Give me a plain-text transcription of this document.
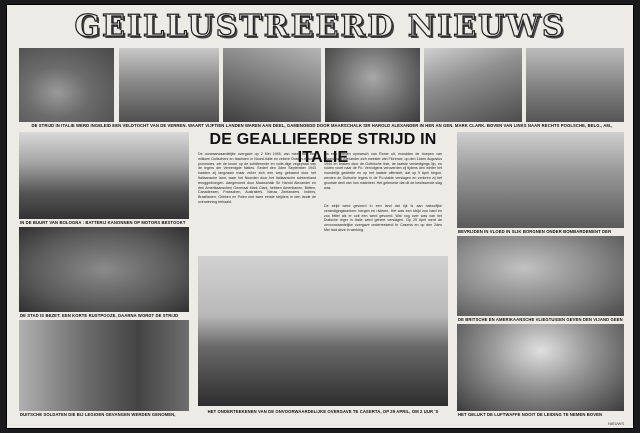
GEILLUSTREERD NIEUWS
DE STRIJD IN ITALIE WERD INGELEID EEN VELDTOCHT VAN DE VERREN. WAART VIJFTIEN LANDEN WAREN AAN DEEL, GAMENOEDD DOOR MAARSCHALK SIR HAROLD ALEXANDER IN HEN AN GEN. MARK CLARK. BOVEN VAN LINKS NAAR RECHTS POOLSCHE, BELG., AM.,
DE GEALLIEERDE STRIJD IN ITALIE
IN DE BUURT VAN BOLOGNA : BATTERIJ KANONNEN OP MOTORS BESTOOKT
DE STAD IS BEZET: EEN KORTE RUSTPOOZE, DAARNA WORDT DE STRIJD
DUITSCHE SOLDATEN DIE BIJ LEGIOEN GEVANGEN WERDEN GENOMEN,
De oorwaarwaardelijke overgave op 2 Mei 1945, van meer dan een millioen Duitschers en fascisten in Noord-Italie en zekere Oosten-rijksche provincies, zet de kroon op de schitterende en volle-dige zegepraal van de legers der Vereenigde Naties. Sedert den 3den September 1943 hadden zij langzaam maar zeker zich een weg gebaand door het Italiaansche land, waar het Noorden door het Italiaansche schiereiland teruggedrongen. Aangevoerd door Maarschalk Sir Harold Alexander en den Amerikaanschen Generaal Mark Clark, hebben Amerikanen, Britten, Canadeezen, Franschen, Australiers, Nieuw Zeelanders, Indiers, Brazilianen, Grieken en Polen met twee eerste strijders in den lande de overwinning behaald.
Na een snellen opmarsch van Rome uit, mondden de troepen van Maarschalk Alexander zich meester van Florence, op den 11den Augustus 1944 en braken door de Gothische linie, de laatste verdedigings lijn, en rukten voort naar de Po. Vervolgens veroverden zij tijdens den winter het noordelijk gedeelte en op het laatste offensief, dat op 9 April begon, werden de Duitsche legers in de Po-vlakte verslagen en verloren zij het grootste deel van hun materieel. Het gebeurde dat dit de beslissende slag was.
De strijd werd gevoerd in een land dat rijk is aan natuurlijke verdedigingswerken: bergen en rivieren. Het was een strijd zoo hard en zoo bitter als er ooit een werd gevoerd. Wat nog over was van het Duitsche leger in Italie werd geheel verslagen. Op 29 April werd de onvoorwaardelijke overgave onderteekend te Caserta en op den 2den Mei trad deze in werking.
HET ONDERTEEKENEN VAN DE ONVOORWAARDELIJKE OVERGAVE TE CASERTA, OP 29 APRIL, OM 2 UUR 'S
BEVRIJDEN IN VLOED IN SLIK BORGNEN ONDER BOMBARDEMENT DER
DE BRITSCHE EN AMERIKAANSCHE VLIEGTUIGEN GEVEN DEN VIJAND GEEN
HET GELUKT DE LUFTWAFFE NOOIT DE LEIDING TE NEMEN BOVEN
NIEUWS
